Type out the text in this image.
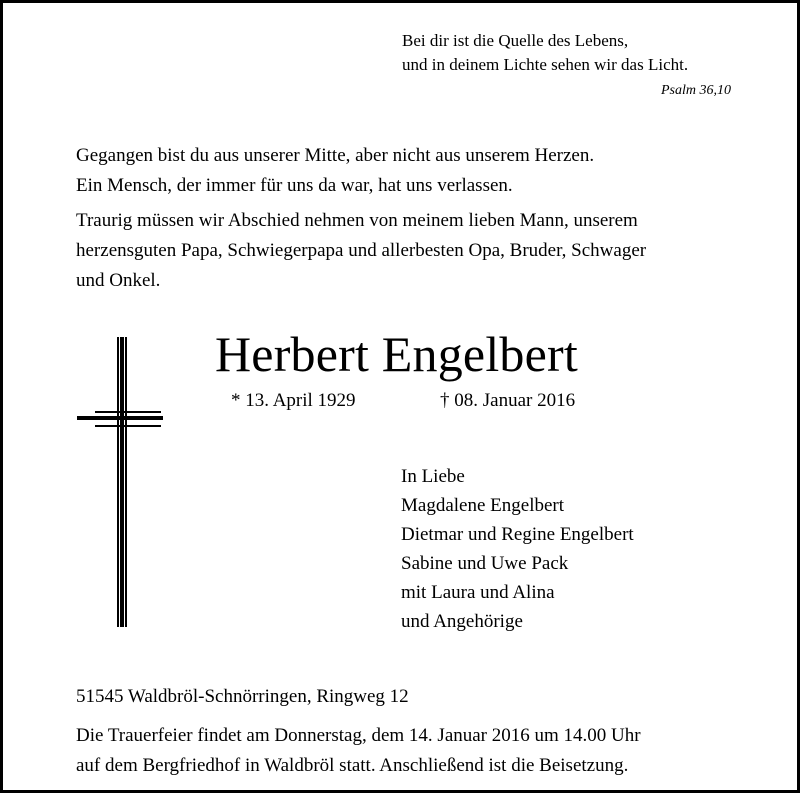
Bei dir ist die Quelle des Lebens,
und in deinem Lichte sehen wir das Licht.
Psalm 36,10
Gegangen bist du aus unserer Mitte, aber nicht aus unserem Herzen.
Ein Mensch, der immer für uns da war, hat uns verlassen.
Traurig müssen wir Abschied nehmen von meinem lieben Mann, unserem
herzensguten Papa, Schwiegerpapa und allerbesten Opa, Bruder, Schwager
und Onkel.
Herbert Engelbert
* 13. April 1929	† 08. Januar 2016
In Liebe
Magdalene Engelbert
Dietmar und Regine Engelbert
Sabine und Uwe Pack
mit Laura und Alina
und Angehörige
51545 Waldbröl-Schnörringen, Ringweg 12
Die Trauerfeier findet am Donnerstag, dem 14. Januar 2016 um 14.00 Uhr
auf dem Bergfriedhof in Waldbröl statt. Anschließend ist die Beisetzung.
